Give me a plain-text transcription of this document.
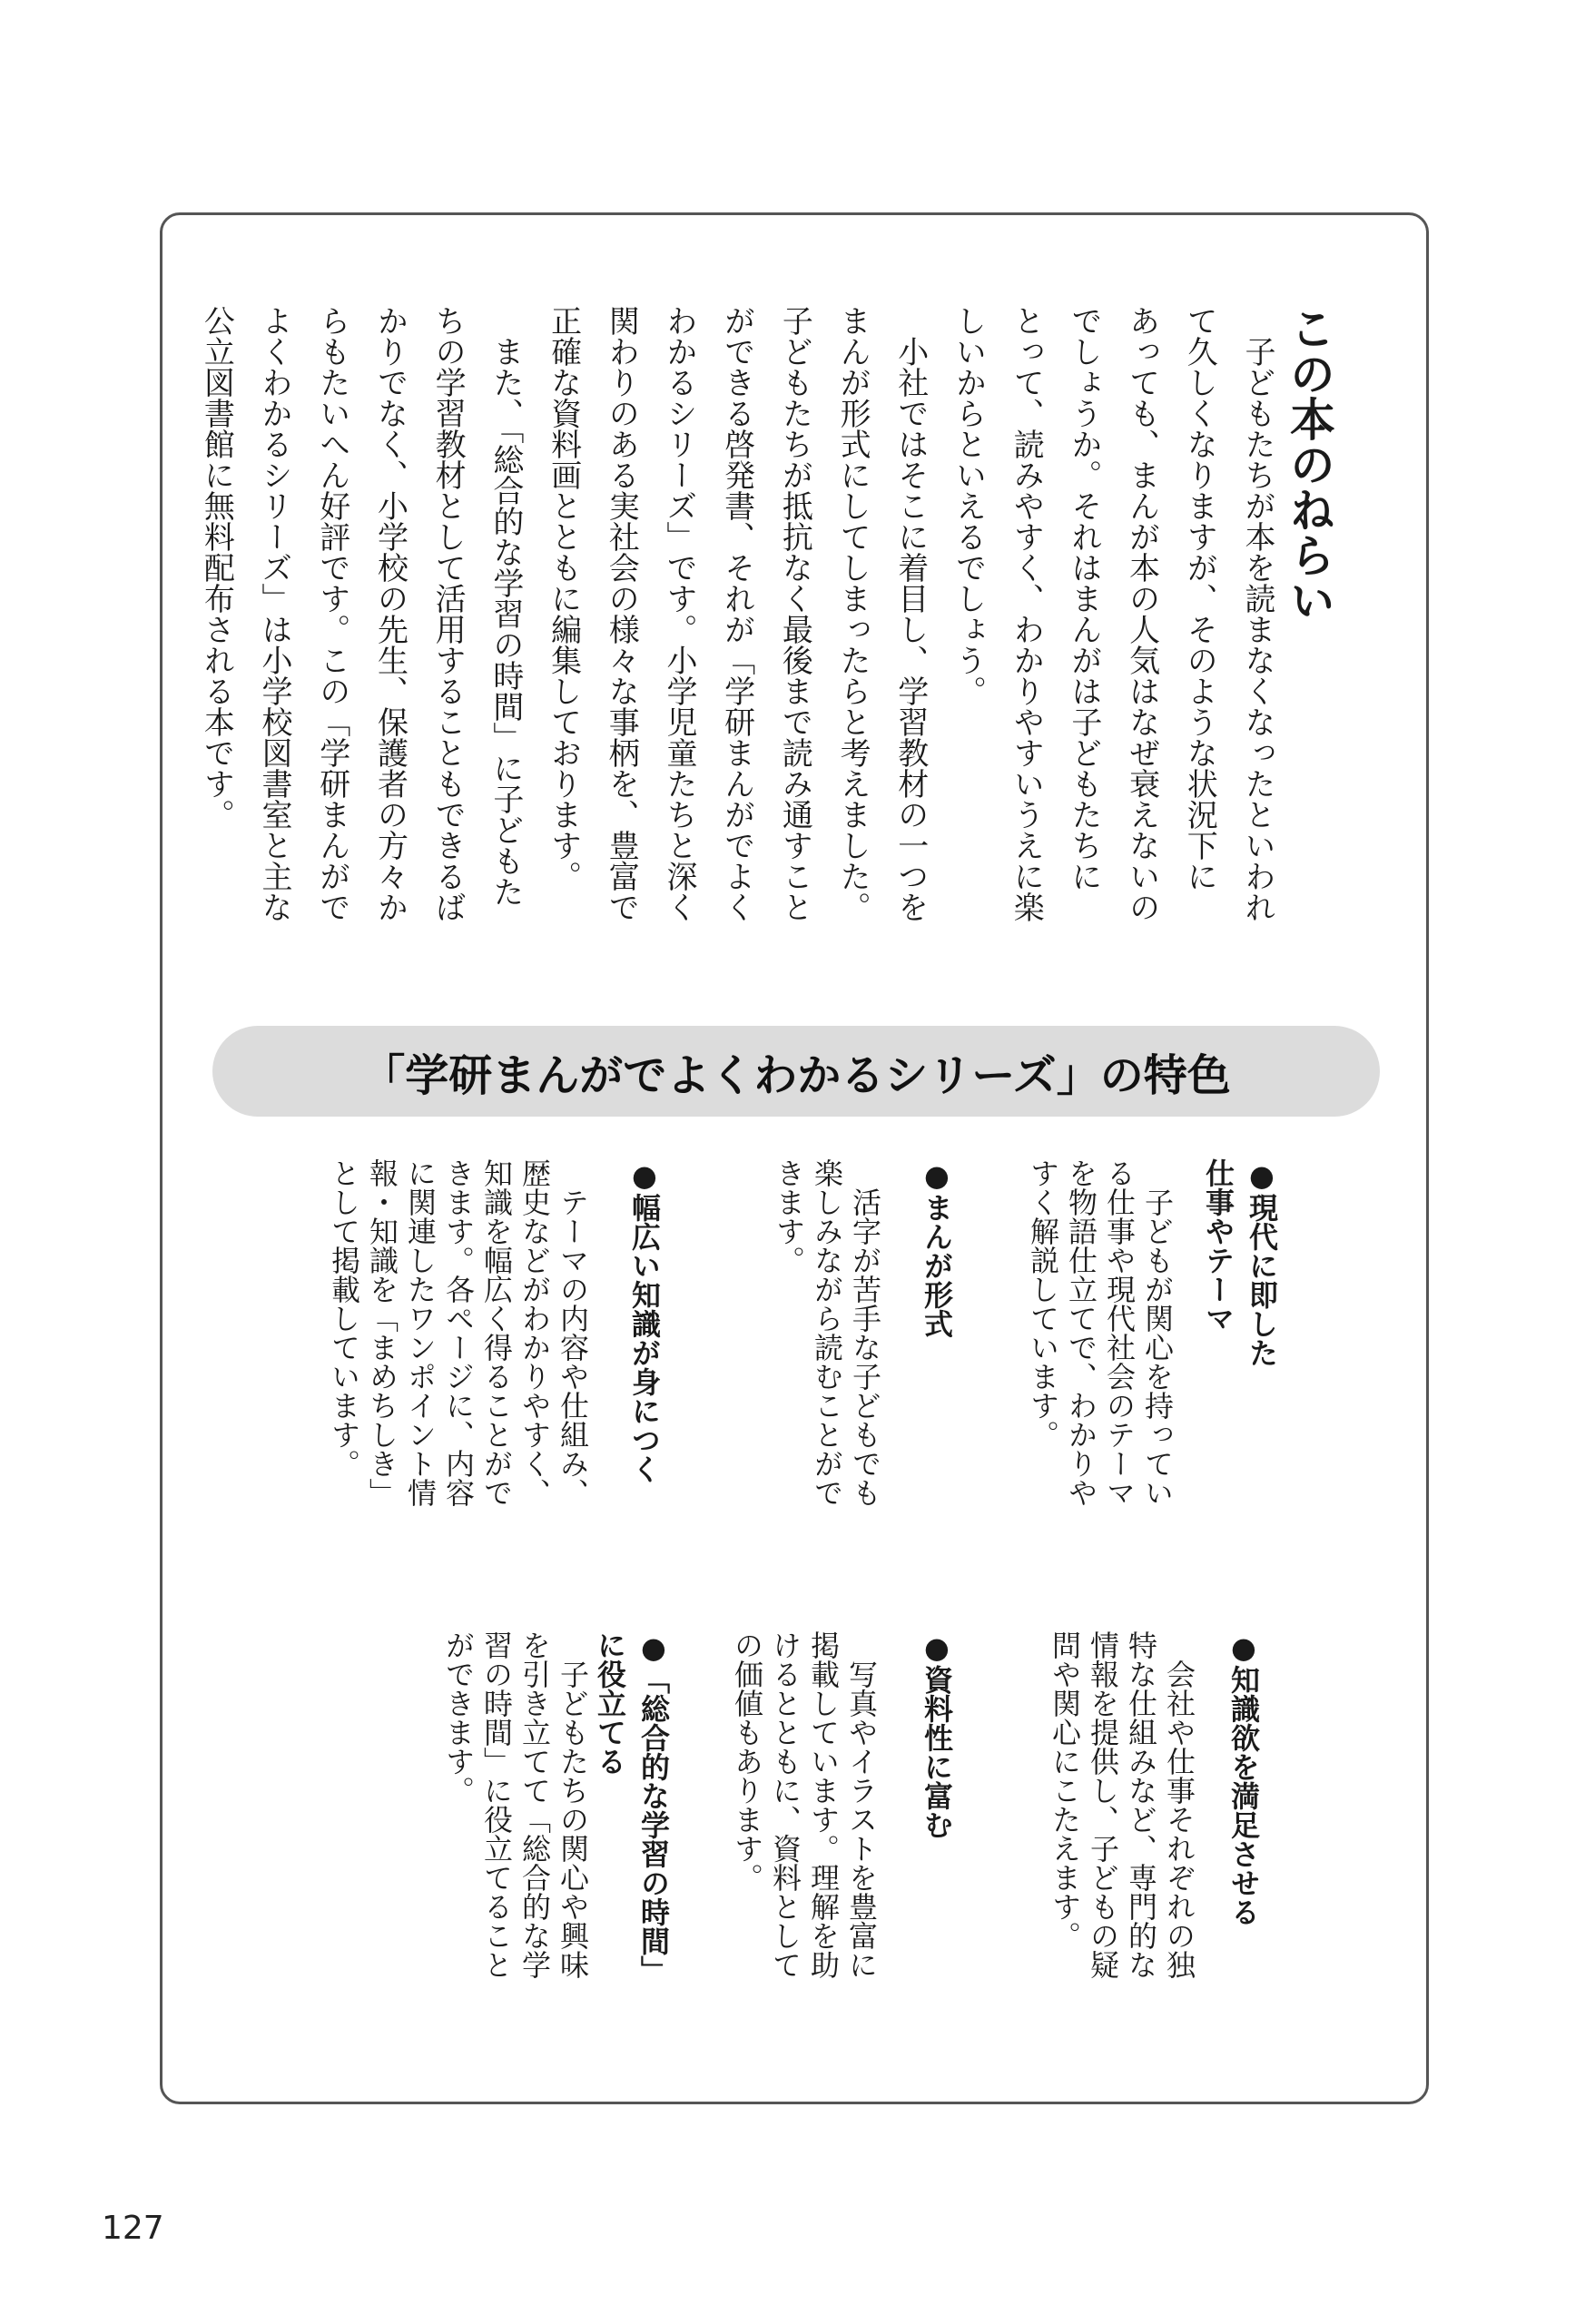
この本のねらい
　子どもたちが本を読まなくなったといわれ
て久しくなりますが、そのような状況下に
あっても、まんが本の人気はなぜ衰えないの
でしょうか。それはまんがは子どもたちに
とって、読みやすく、わかりやすいうえに楽
しいからといえるでしょう。
　小社ではそこに着目し、学習教材の一つを
まんが形式にしてしまったらと考えました。
子どもたちが抵抗なく最後まで読み通すこと
ができる啓発書、それが「学研まんがでよく
わかるシリーズ」です。小学児童たちと深く
関わりのある実社会の様々な事柄を、豊富で
正確な資料画とともに編集しております。
　また、「総合的な学習の時間」に子どもた
ちの学習教材として活用することもできるば
かりでなく、小学校の先生、保護者の方々か
らもたいへん好評です。この「学研まんがで
よくわかるシリーズ」は小学校図書室と主な
公立図書館に無料配布される本です。
「学研まんがでよくわかるシリーズ」の特色
●現代に即した
仕事やテーマ
　子どもが関心を持ってい
る仕事や現代社会のテーマ
を物語仕立てで、わかりや
すく解説しています。
●知識欲を満足させる
　会社や仕事それぞれの独
特な仕組みなど、専門的な
情報を提供し、子どもの疑
問や関心にこたえます。
●まんが形式
　活字が苦手な子どもでも
楽しみながら読むことがで
きます。
●資料性に富む
　写真やイラストを豊富に
掲載しています。理解を助
けるとともに、資料として
の価値もあります。
●幅広い知識が身につく
　テーマの内容や仕組み、
歴史などがわかりやすく、
知識を幅広く得ることがで
きます。各ページに、内容
に関連したワンポイント情
報・知識を「まめちしき」
として掲載しています。
●「総合的な学習の時間」
に役立てる
　子どもたちの関心や興味
を引き立てて「総合的な学
習の時間」に役立てること
ができます。
127
